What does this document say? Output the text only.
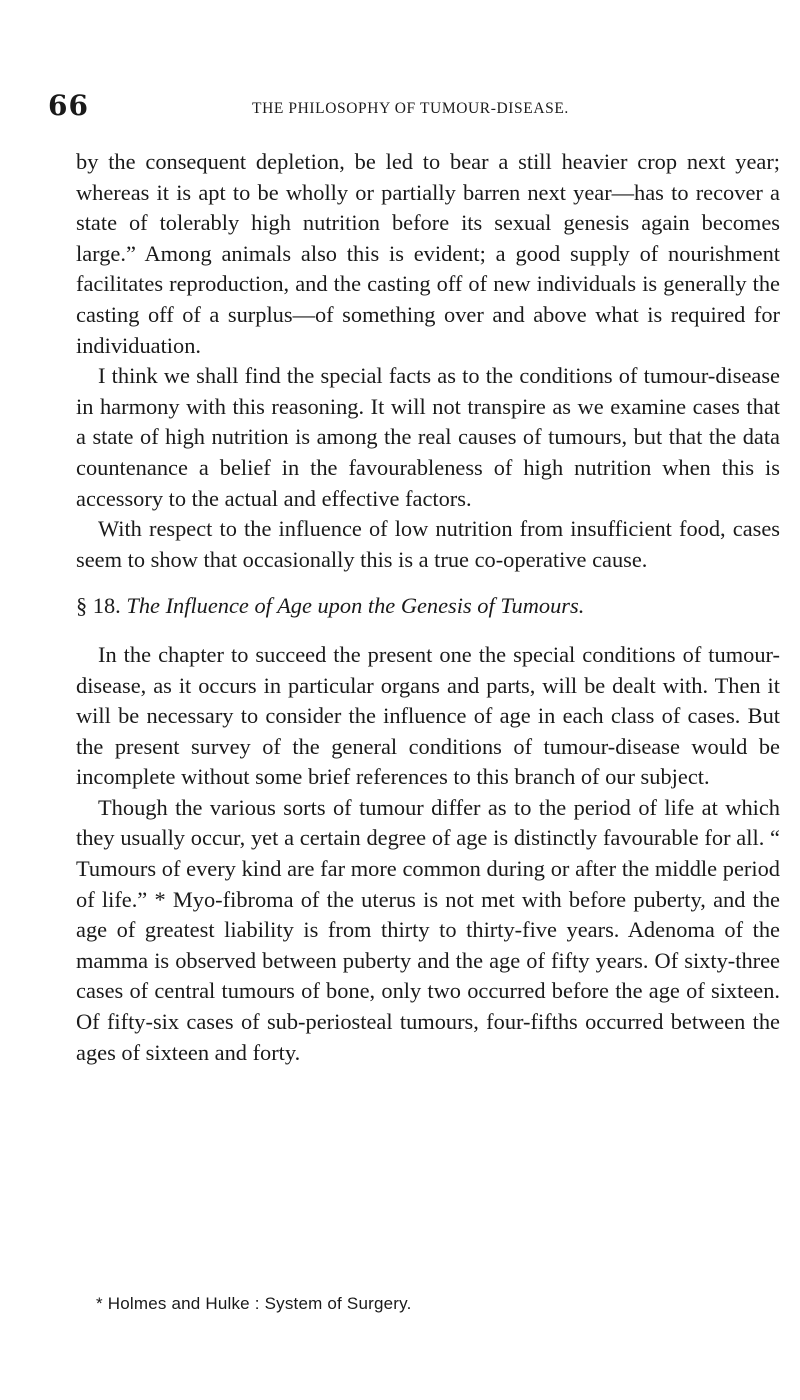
66	THE PHILOSOPHY OF TUMOUR-DISEASE.

by the consequent depletion, be led to bear a still heavier crop next year; whereas it is apt to be wholly or partially barren next year—has to recover a state of tolerably high nutrition before its sexual genesis again becomes large.” Among animals also this is evident; a good supply of nourishment facilitates reproduction, and the casting off of new individuals is generally the casting off of a surplus—of something over and above what is required for individuation.

I think we shall find the special facts as to the conditions of tumour-disease in harmony with this reasoning. It will not transpire as we examine cases that a state of high nutrition is among the real causes of tumours, but that the data countenance a belief in the favourableness of high nutrition when this is accessory to the actual and effective factors.

With respect to the influence of low nutrition from insufficient food, cases seem to show that occasionally this is a true co-operative cause.

§ 18. The Influence of Age upon the Genesis of Tumours.

In the chapter to succeed the present one the special conditions of tumour-disease, as it occurs in particular organs and parts, will be dealt with. Then it will be necessary to consider the influence of age in each class of cases. But the present survey of the general conditions of tumour-disease would be incomplete without some brief references to this branch of our subject.

Though the various sorts of tumour differ as to the period of life at which they usually occur, yet a certain degree of age is distinctly favourable for all. “ Tumours of every kind are far more common during or after the middle period of life.” * Myo-fibroma of the uterus is not met with before puberty, and the age of greatest liability is from thirty to thirty-five years. Adenoma of the mamma is observed between puberty and the age of fifty years. Of sixty-three cases of central tumours of bone, only two occurred before the age of sixteen. Of fifty-six cases of sub-periosteal tumours, four-fifths occurred between the ages of sixteen and forty.

* Holmes and Hulke : System of Surgery.
